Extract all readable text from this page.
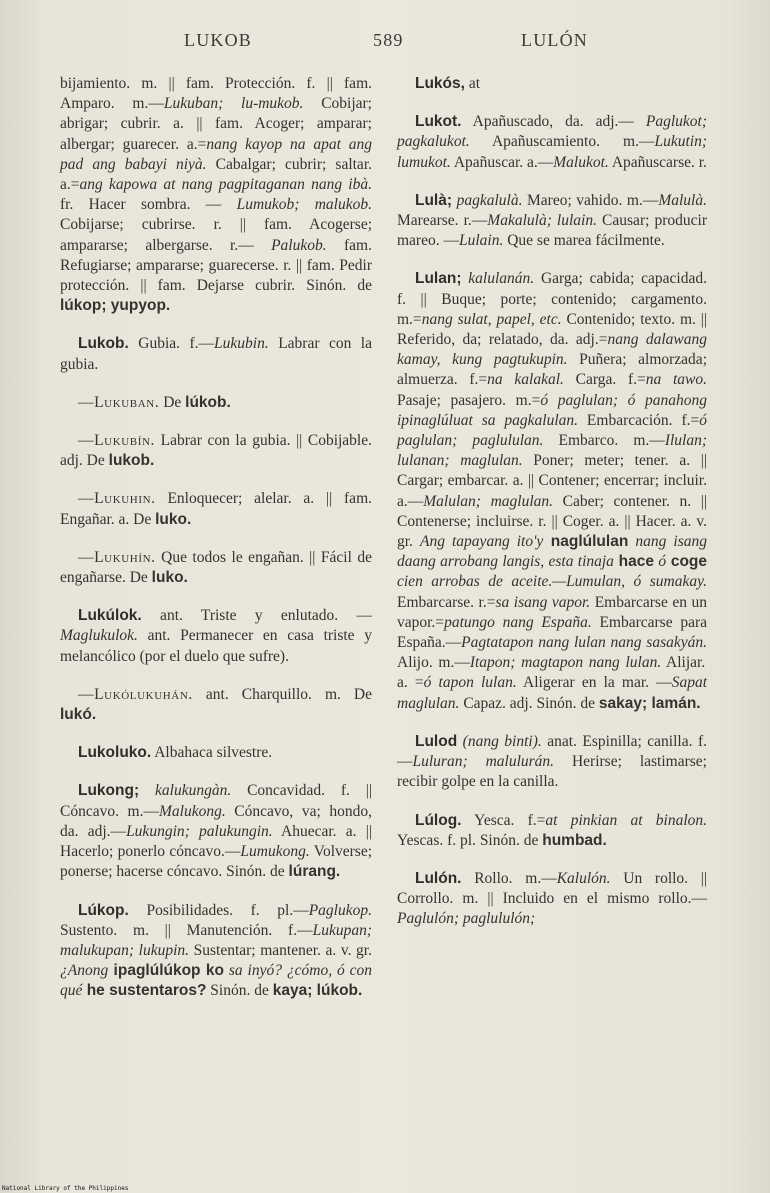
LUKOB	589	LULÓN

bijamiento. m. || fam. Protección. f. || fam. Amparo. m.—Lukuban; lu-mukob. Cobijar; abrigar; cubrir. a. || fam. Acoger; amparar; albergar; guarecer. a.=nang kayop na apat ang pad ang babayi niyà. Cabalgar; cubrir; saltar. a.=ang kapowa at nang pagpitaganan nang ibà. fr. Hacer sombra. — Lumukob; malukob. Cobijarse; cubrirse. r. || fam. Acogerse; ampararse; albergarse. r.— Palukob. fam. Refugiarse; ampararse; guarecerse. r. || fam. Pedir protección. || fam. Dejarse cubrir. Sinón. de lúkop; yupyop.

Lukob. Gubia. f.—Lukubin. Labrar con la gubia.

—Lukuban. De lúkob.

—Lukubín. Labrar con la gubia. || Cobijable. adj. De lukob.

—Lukuhin. Enloquecer; alelar. a. || fam. Engañar. a. De luko.

—Lukuhín. Que todos le engañan. || Fácil de engañarse. De luko.

Lukúlok. ant. Triste y enlutado. —Maglukulok. ant. Permanecer en casa triste y melancólico (por el duelo que sufre).

—Lukólukuhán. ant. Charquillo. m. De lukó.

Lukoluko. Albahaca silvestre.

Lukong; kalukungàn. Concavidad. f. || Cóncavo. m.—Malukong. Cóncavo, va; hondo, da. adj.—Lukungin; palukungin. Ahuecar. a. || Hacerlo; ponerlo cóncavo.—Lumukong. Volverse; ponerse; hacerse cóncavo. Sinón. de lúrang.

Lúkop. Posibilidades. f. pl.—Paglukop. Sustento. m. || Manutención. f.—Lukupan; malukupan; lukupin. Sustentar; mantener. a. v. gr. ¿Anong ipaglúlúkop ko sa inyó? ¿cómo, ó con qué he sustentaros? Sinón. de kaya; lúkob.

Lukós, at

Lukot. Apañuscado, da. adj.— Paglukot; pagkalukot. Apañuscamiento. m.—Lukutin; lumukot. Apañuscar. a.—Malukot. Apañuscarse. r.

Lulà; pagkalulà. Mareo; vahido. m.—Malulà. Marearse. r.—Makalulà; lulain. Causar; producir mareo. —Lulain. Que se marea fácilmente.

Lulan; kalulanán. Garga; cabida; capacidad. f. || Buque; porte; contenido; cargamento. m.=nang sulat, papel, etc. Contenido; texto. m. || Referido, da; relatado, da. adj.=nang dalawang kamay, kung pagtukupin. Puñera; almorzada; almuerza. f.=na kalakal. Carga. f.=na tawo. Pasaje; pasajero. m.=ó paglulan; ó panahong ipinaglúluat sa pagkalulan. Embarcación. f.=ó paglulan; paglululan. Embarco. m.—Ilulan; lulanan; maglulan. Poner; meter; tener. a. || Cargar; embarcar. a. || Contener; encerrar; incluir. a.—Malulan; maglulan. Caber; contener. n. || Contenerse; incluirse. r. || Coger. a. || Hacer. a. v. gr. Ang tapayang ito'y naglúlulan nang isang daang arrobang langis, esta tinaja hace ó coge cien arrobas de aceite.—Lumulan, ó sumakay. Embarcarse. r.=sa isang vapor. Embarcarse en un vapor.=patungo nang España. Embarcarse para España.—Pagtatapon nang lulan nang sasakyán. Alijo. m.—Itapon; magtapon nang lulan. Alijar. a. =ó tapon lulan. Aligerar en la mar. —Sapat maglulan. Capaz. adj. Sinón. de sakay; lamán.

Lulod (nang binti). anat. Espinilla; canilla. f.—Luluran; malulurán. Herirse; lastimarse; recibir golpe en la canilla.

Lúlog. Yesca. f.=at pinkian at binalon. Yescas. f. pl. Sinón. de humbad.

Lulón. Rollo. m.—Kalulón. Un rollo. || Corrollo. m. || Incluido en el mismo rollo.—Paglulón; paglululón;

National Library of the Philippines
